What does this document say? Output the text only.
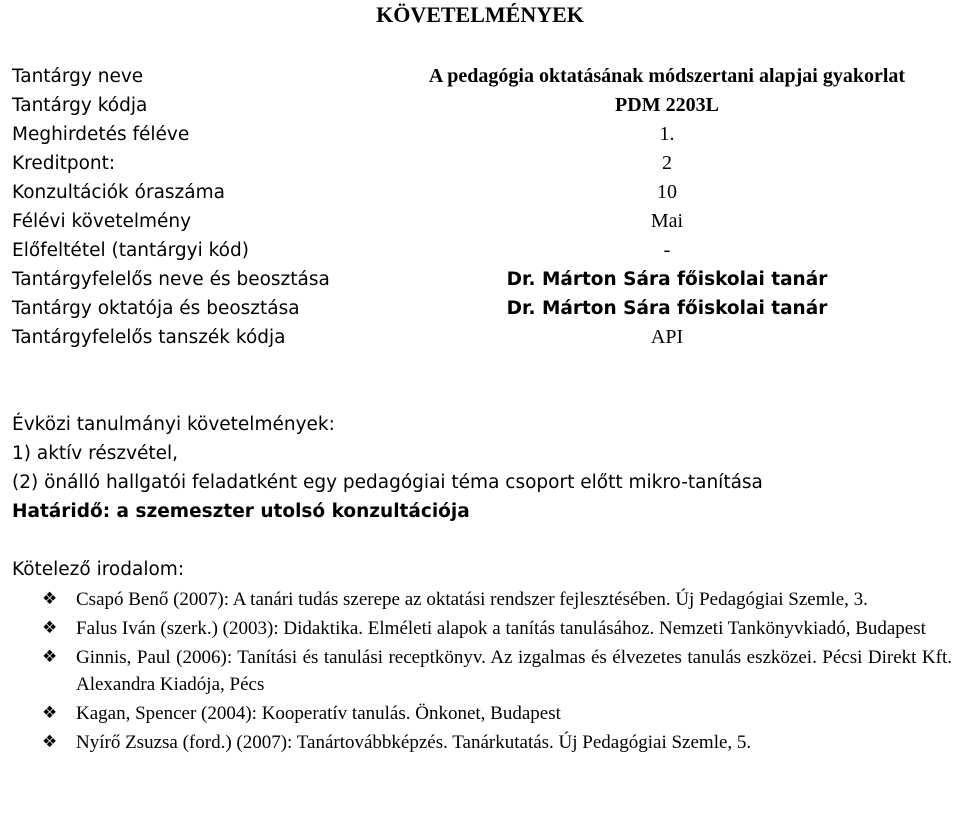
KÖVETELMÉNYEK
Tantárgy neve	A pedagógia oktatásának módszertani alapjai gyakorlat
Tantárgy kódja	PDM 2203L
Meghirdetés féléve	1.
Kreditpont:	2
Konzultációk óraszáma	10
Félévi követelmény	Mai
Előfeltétel (tantárgyi kód)	-
Tantárgyfelelős neve és beosztása	Dr. Márton Sára főiskolai tanár
Tantárgy oktatója és beosztása	Dr. Márton Sára főiskolai tanár
Tantárgyfelelős tanszék kódja	API
Évközi tanulmányi követelmények:
1) aktív részvétel,
(2) önálló hallgatói feladatként egy pedagógiai téma csoport előtt mikro-tanítása
Határidő: a szemeszter utolsó konzultációja
Kötelező irodalom:
❖ Csapó Benő (2007): A tanári tudás szerepe az oktatási rendszer fejlesztésében. Új Pedagógiai Szemle, 3.
❖ Falus Iván (szerk.) (2003): Didaktika. Elméleti alapok a tanítás tanulásához. Nemzeti Tankönyvkiadó, Budapest
❖ Ginnis, Paul (2006): Tanítási és tanulási receptkönyv. Az izgalmas és élvezetes tanulás eszközei. Pécsi Direkt Kft. Alexandra Kiadója, Pécs
❖ Kagan, Spencer (2004): Kooperatív tanulás. Önkonet, Budapest
❖ Nyírő Zsuzsa (ford.) (2007): Tanártovábbképzés. Tanárkutatás. Új Pedagógiai Szemle, 5.
